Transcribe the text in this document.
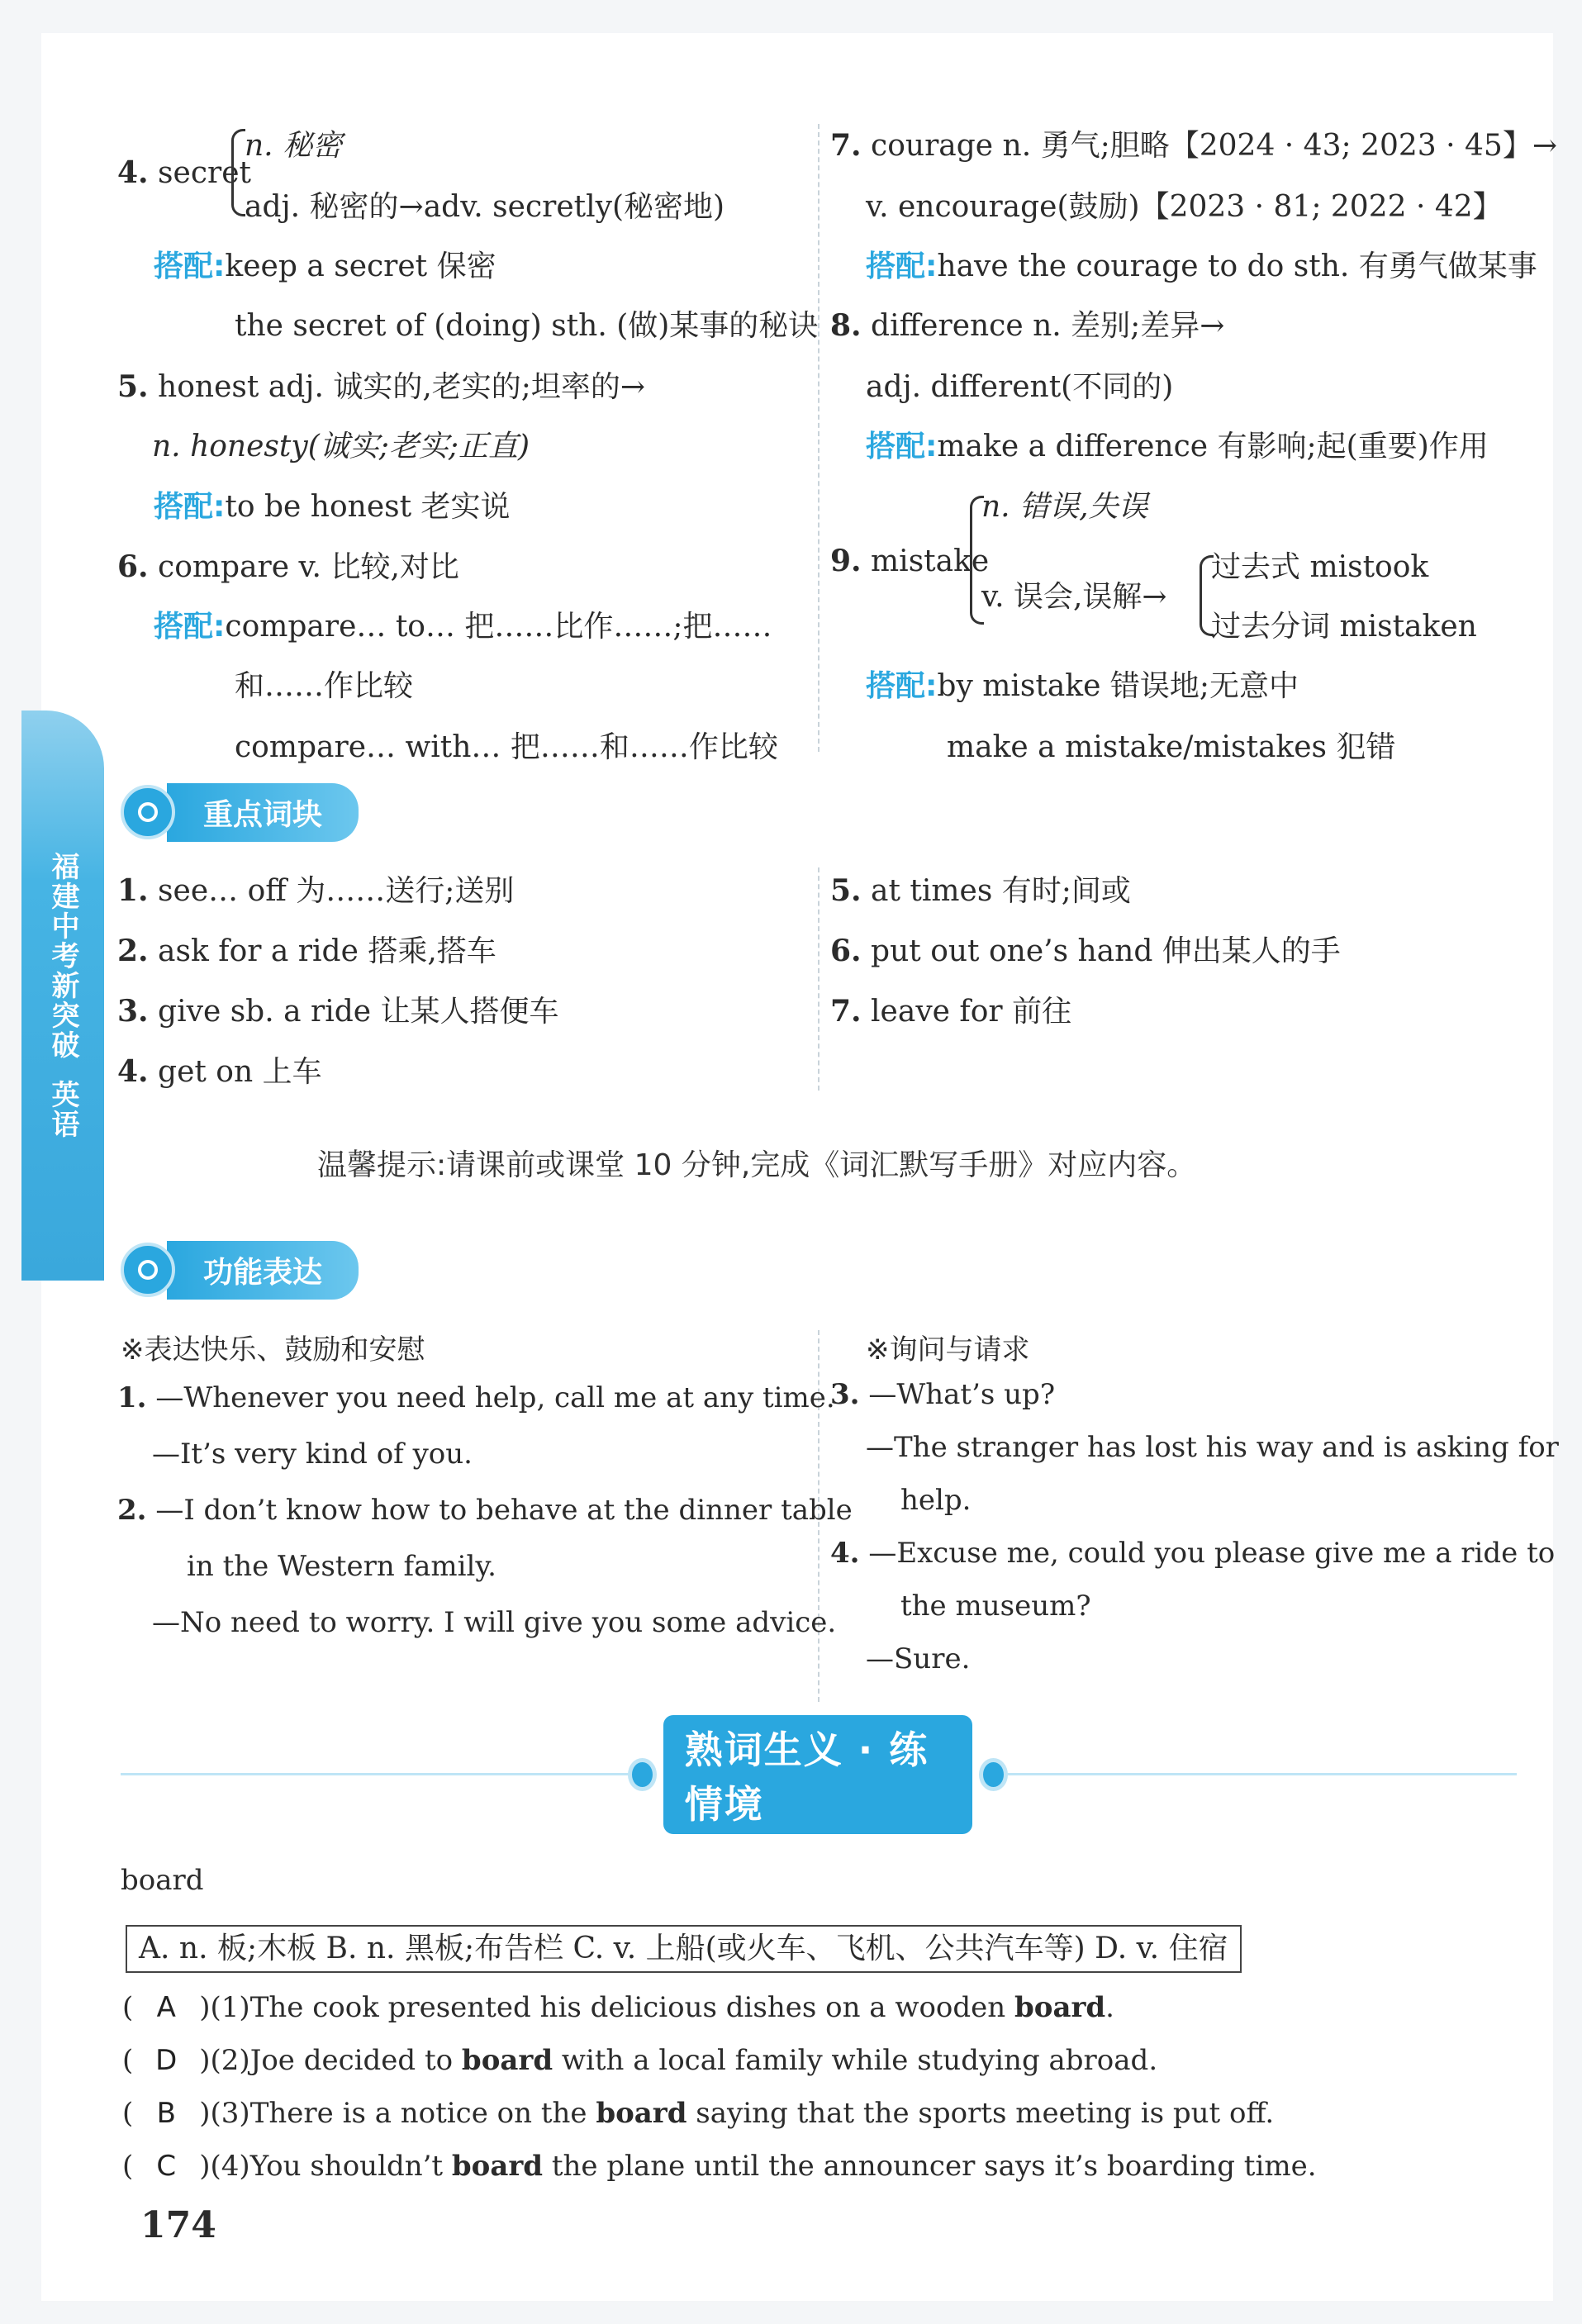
福建中考新突破
英语
4. secret
n. 秘密
adj. 秘密的→adv. secretly(秘密地)
搭配:keep a secret 保密
the secret of (doing) sth. (做)某事的秘诀
5. honest adj. 诚实的,老实的;坦率的→
n. honesty(诚实;老实;正直)
搭配:to be honest 老实说
6. compare v. 比较,对比
搭配:compare… to… 把……比作……;把……
和……作比较
compare… with… 把……和……作比较
7. courage n. 勇气;胆略【2024 · 43; 2023 · 45】→
v. encourage(鼓励)【2023 · 81; 2022 · 42】
搭配:have the courage to do sth. 有勇气做某事
8. difference n. 差别;差异→
adj. different(不同的)
搭配:make a difference 有影响;起(重要)作用
9. mistake
n. 错误,失误
v. 误会,误解→
过去式 mistook
过去分词 mistaken
搭配:by mistake 错误地;无意中
make a mistake/mistakes 犯错
重点词块
1. see… off 为……送行;送别
2. ask for a ride 搭乘,搭车
3. give sb. a ride 让某人搭便车
4. get on 上车
5. at times 有时;间或
6. put out one’s hand 伸出某人的手
7. leave for 前往
温馨提示:请课前或课堂 10 分钟,完成《词汇默写手册》对应内容。
功能表达
※表达快乐、鼓励和安慰
1. —Whenever you need help, call me at any time.
—It’s very kind of you.
2. —I don’t know how to behave at the dinner table
in the Western family.
—No need to worry. I will give you some advice.
※询问与请求
3. —What’s up?
—The stranger has lost his way and is asking for
help.
4. —Excuse me, could you please give me a ride to
the museum?
—Sure.
熟词生义 · 练情境
board
A. n. 板;木板 B. n. 黑板;布告栏 C. v. 上船(或火车、飞机、公共汽车等) D. v. 住宿
( A )(1)The cook presented his delicious dishes on a wooden board.
( D )(2)Joe decided to board with a local family while studying abroad.
( B )(3)There is a notice on the board saying that the sports meeting is put off.
( C )(4)You shouldn’t board the plane until the announcer says it’s boarding time.
174
